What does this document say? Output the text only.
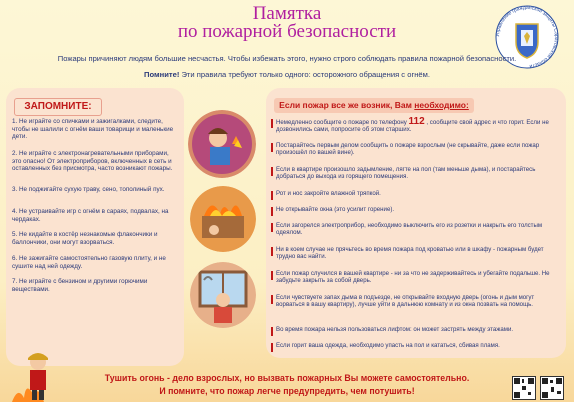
Памятка
по пожарной безопасности	Управление гражданской защиты Саратовской области
Пожары причиняют людям большие несчастья. Чтобы избежать этого, нужно строго соблюдать правила пожарной безопасности.
Помните! Эти правила требуют только одного: осторожного обращения с огнём.
ЗАПОМНИТЕ:
1. Не играйте со спичками и зажигалками, следите, чтобы не шалили с огнём ваши товарищи и маленькие дети.
2. Не играйте с электронагревательными приборами, это опасно! От электроприборов, включенных в сеть и оставленных без присмотра, часто возникают пожары.
3. Не поджигайте сухую траву, сено, тополиный пух.
4. Не устраивайте игр с огнём в сараях, подвалах, на чердаках.
5. Не кидайте в костёр незнакомые флакончики и баллончики, они могут взорваться.
6. Не зажигайте самостоятельно газовую плиту, и не сушите над ней одежду.
7. Не играйте с бензином и другими горючими веществами.
Если пожар все же возник, Вам необходимо:
Немедленно сообщите о пожаре по телефону 112 , сообщите свой адрес и что горит. Если не дозвонились сами, попросите об этом старших.
Постарайтесь первым делом сообщить о пожаре взрослым (не скрывайте, даже если пожар произошёл по вашей вине).
Если в квартире произошло задымление, лягте на пол (там меньше дыма), и постарайтесь добраться до выхода из горящего помещения.
Рот и нос закройте влажной тряпкой.
Не открывайте окна (это усилит горение).
Если загорелся электроприбор, необходимо выключить его из розетки и накрыть его толстым одеялом.
Ни в коем случае не прячьтесь во время пожара под кроватью или в шкафу - пожарным будет трудно вас найти.
Если пожар случился в вашей квартире - ни за что не задерживайтесь и убегайте подальше. Не забудьте закрыть за собой дверь.
Если чувствуете запах дыма в подъезде, не открывайте входную дверь (огонь и дым могут ворваться в вашу квартиру), лучше уйти в дальнюю комнату и из окна позвать на помощь.
Во время пожара нельзя пользоваться лифтом: он может застрять между этажами.
Если горит ваша одежда, необходимо упасть на пол и кататься, сбивая пламя.
Тушить огонь - дело взрослых, но вызвать пожарных Вы можете самостоятельно.
И помните, что пожар легче предупредить, чем потушить!
